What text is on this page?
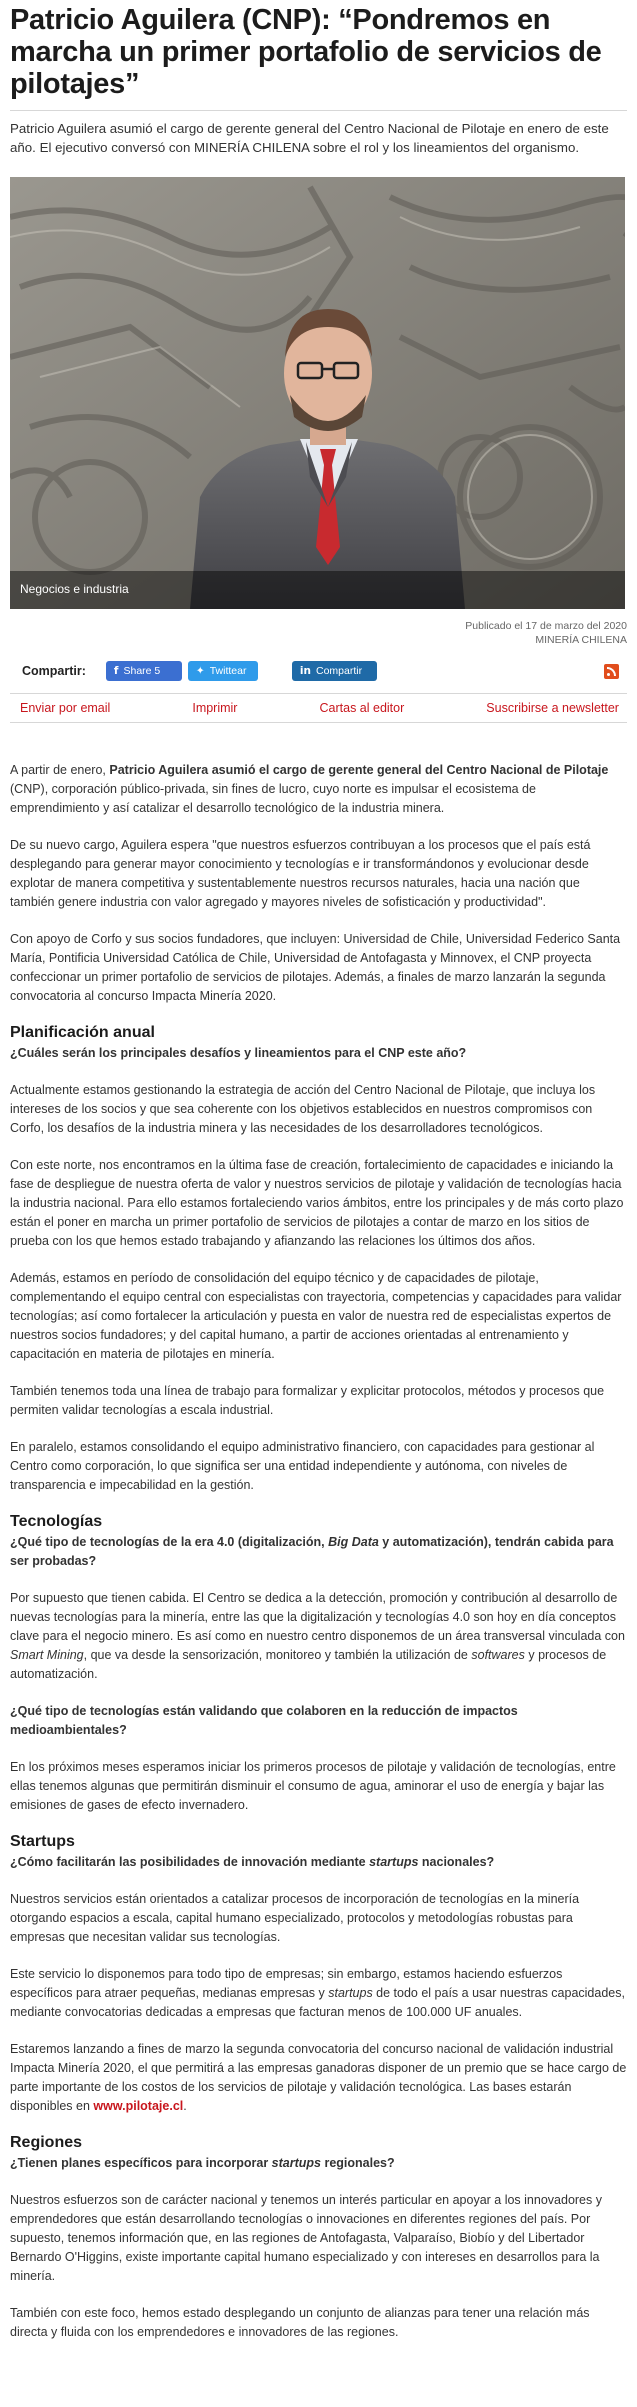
Patricio Aguilera (CNP): “Pondremos en marcha un primer portafolio de servicios de pilotajes”

Patricio Aguilera asumió el cargo de gerente general del Centro Nacional de Pilotaje en enero de este año. El ejecutivo conversó con MINERÍA CHILENA sobre el rol y los lineamientos del organismo.

Negocios e industria
Publicado el 17 de marzo del 2020
MINERÍA CHILENA
Compartir:	f Share 5	✦ Twittear	in Compartir
Enviar por email	Imprimir	Cartas al editor	Suscribirse a newsletter

A partir de enero, Patricio Aguilera asumió el cargo de gerente general del Centro Nacional de Pilotaje (CNP), corporación público-privada, sin fines de lucro, cuyo norte es impulsar el ecosistema de emprendimiento y así catalizar el desarrollo tecnológico de la industria minera.

De su nuevo cargo, Aguilera espera "que nuestros esfuerzos contribuyan a los procesos que el país está desplegando para generar mayor conocimiento y tecnologías e ir transformándonos y evolucionar desde explotar de manera competitiva y sustentablemente nuestros recursos naturales, hacia una nación que también genere industria con valor agregado y mayores niveles de sofisticación y productividad".

Con apoyo de Corfo y sus socios fundadores, que incluyen: Universidad de Chile, Universidad Federico Santa María, Pontificia Universidad Católica de Chile, Universidad de Antofagasta y Minnovex, el CNP proyecta confeccionar un primer portafolio de servicios de pilotajes. Además, a finales de marzo lanzarán la segunda convocatoria al concurso Impacta Minería 2020.

Planificación anual

¿Cuáles serán los principales desafíos y lineamientos para el CNP este año?

Actualmente estamos gestionando la estrategia de acción del Centro Nacional de Pilotaje, que incluya los intereses de los socios y que sea coherente con los objetivos establecidos en nuestros compromisos con Corfo, los desafíos de la industria minera y las necesidades de los desarrolladores tecnológicos.

Con este norte, nos encontramos en la última fase de creación, fortalecimiento de capacidades e iniciando la fase de despliegue de nuestra oferta de valor y nuestros servicios de pilotaje y validación de tecnologías hacia la industria nacional. Para ello estamos fortaleciendo varios ámbitos, entre los principales y de más corto plazo están el poner en marcha un primer portafolio de servicios de pilotajes a contar de marzo en los sitios de prueba con los que hemos estado trabajando y afianzando las relaciones los últimos dos años.

Además, estamos en período de consolidación del equipo técnico y de capacidades de pilotaje, complementando el equipo central con especialistas con trayectoria, competencias y capacidades para validar tecnologías; así como fortalecer la articulación y puesta en valor de nuestra red de especialistas expertos de nuestros socios fundadores; y del capital humano, a partir de acciones orientadas al entrenamiento y capacitación en materia de pilotajes en minería.

También tenemos toda una línea de trabajo para formalizar y explicitar protocolos, métodos y procesos que permiten validar tecnologías a escala industrial.

En paralelo, estamos consolidando el equipo administrativo financiero, con capacidades para gestionar al Centro como corporación, lo que significa ser una entidad independiente y autónoma, con niveles de transparencia e impecabilidad en la gestión.

Tecnologías

¿Qué tipo de tecnologías de la era 4.0 (digitalización, Big Data y automatización), tendrán cabida para ser probadas?

Por supuesto que tienen cabida. El Centro se dedica a la detección, promoción y contribución al desarrollo de nuevas tecnologías para la minería, entre las que la digitalización y tecnologías 4.0 son hoy en día conceptos clave para el negocio minero. Es así como en nuestro centro disponemos de un área transversal vinculada con Smart Mining, que va desde la sensorización, monitoreo y también la utilización de softwares y procesos de automatización.

¿Qué tipo de tecnologías están validando que colaboren en la reducción de impactos medioambientales?

En los próximos meses esperamos iniciar los primeros procesos de pilotaje y validación de tecnologías, entre ellas tenemos algunas que permitirán disminuir el consumo de agua, aminorar el uso de energía y bajar las emisiones de gases de efecto invernadero.

Startups

¿Cómo facilitarán las posibilidades de innovación mediante startups nacionales?

Nuestros servicios están orientados a catalizar procesos de incorporación de tecnologías en la minería otorgando espacios a escala, capital humano especializado, protocolos y metodologías robustas para empresas que necesitan validar sus tecnologías.

Este servicio lo disponemos para todo tipo de empresas; sin embargo, estamos haciendo esfuerzos específicos para atraer pequeñas, medianas empresas y startups de todo el país a usar nuestras capacidades, mediante convocatorias dedicadas a empresas que facturan menos de 100.000 UF anuales.

Estaremos lanzando a fines de marzo la segunda convocatoria del concurso nacional de validación industrial Impacta Minería 2020, el que permitirá a las empresas ganadoras disponer de un premio que se hace cargo de parte importante de los costos de los servicios de pilotaje y validación tecnológica. Las bases estarán disponibles en www.pilotaje.cl.

Regiones

¿Tienen planes específicos para incorporar startups regionales?

Nuestros esfuerzos son de carácter nacional y tenemos un interés particular en apoyar a los innovadores y emprendedores que están desarrollando tecnologías o innovaciones en diferentes regiones del país. Por supuesto, tenemos información que, en las regiones de Antofagasta, Valparaíso, Biobío y del Libertador Bernardo O'Higgins, existe importante capital humano especializado y con intereses en desarrollos para la minería.

También con este foco, hemos estado desplegando un conjunto de alianzas para tener una relación más directa y fluida con los emprendedores e innovadores de las regiones.
